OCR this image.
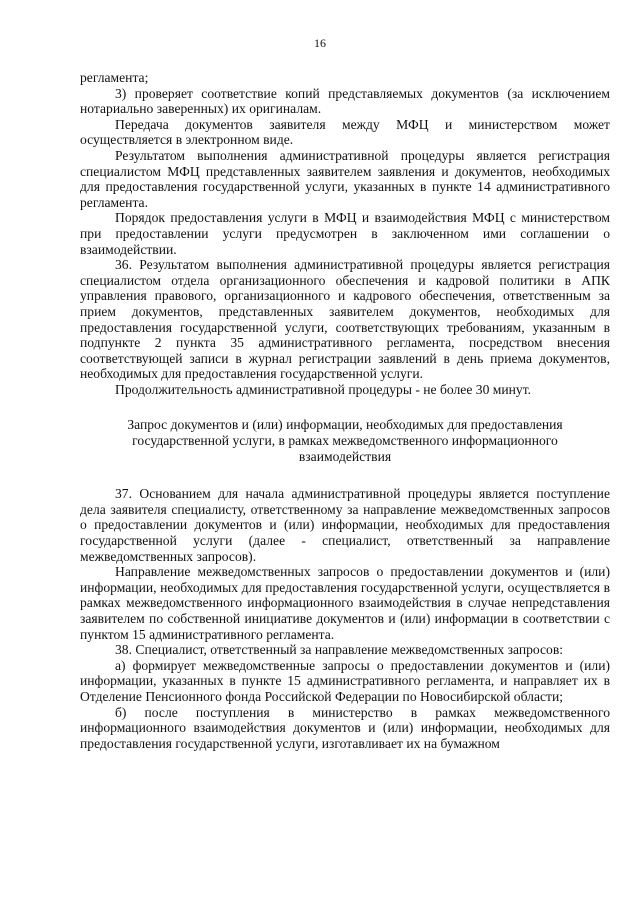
16

регламента;

3) проверяет соответствие копий представляемых документов (за исключением нотариально заверенных) их оригиналам.

Передача документов заявителя между МФЦ и министерством может осуществляется в электронном виде.

Результатом выполнения административной процедуры является регистрация специалистом МФЦ представленных заявителем заявления и документов, необходимых для предоставления государственной услуги, указанных в пункте 14 административного регламента.

Порядок предоставления услуги в МФЦ и взаимодействия МФЦ с министерством при предоставлении услуги предусмотрен в заключенном ими соглашении о взаимодействии.

36. Результатом выполнения административной процедуры является регистрация специалистом отдела организационного обеспечения и кадровой политики в АПК управления правового, организационного и кадрового обеспечения, ответственным за прием документов, представленных заявителем документов, необходимых для предоставления государственной услуги, соответствующих требованиям, указанным в подпункте 2 пункта 35 административного регламента, посредством внесения соответствующей записи в журнал регистрации заявлений в день приема документов, необходимых для предоставления государственной услуги.

Продолжительность административной процедуры - не более 30 минут.

Запрос документов и (или) информации, необходимых для предоставления государственной услуги, в рамках межведомственного информационного взаимодействия

37. Основанием для начала административной процедуры является поступление дела заявителя специалисту, ответственному за направление межведомственных запросов о предоставлении документов и (или) информации, необходимых для предоставления государственной услуги (далее - специалист, ответственный за направление межведомственных запросов).

Направление межведомственных запросов о предоставлении документов и (или) информации, необходимых для предоставления государственной услуги, осуществляется в рамках межведомственного информационного взаимодействия в случае непредставления заявителем по собственной инициативе документов и (или) информации в соответствии с пунктом 15 административного регламента.

38. Специалист, ответственный за направление межведомственных запросов:

а) формирует межведомственные запросы о предоставлении документов и (или) информации, указанных в пункте 15 административного регламента, и направляет их в Отделение Пенсионного фонда Российской Федерации по Новосибирской области;

б) после поступления в министерство в рамках межведомственного информационного взаимодействия документов и (или) информации, необходимых для предоставления государственной услуги, изготавливает их на бумажном
